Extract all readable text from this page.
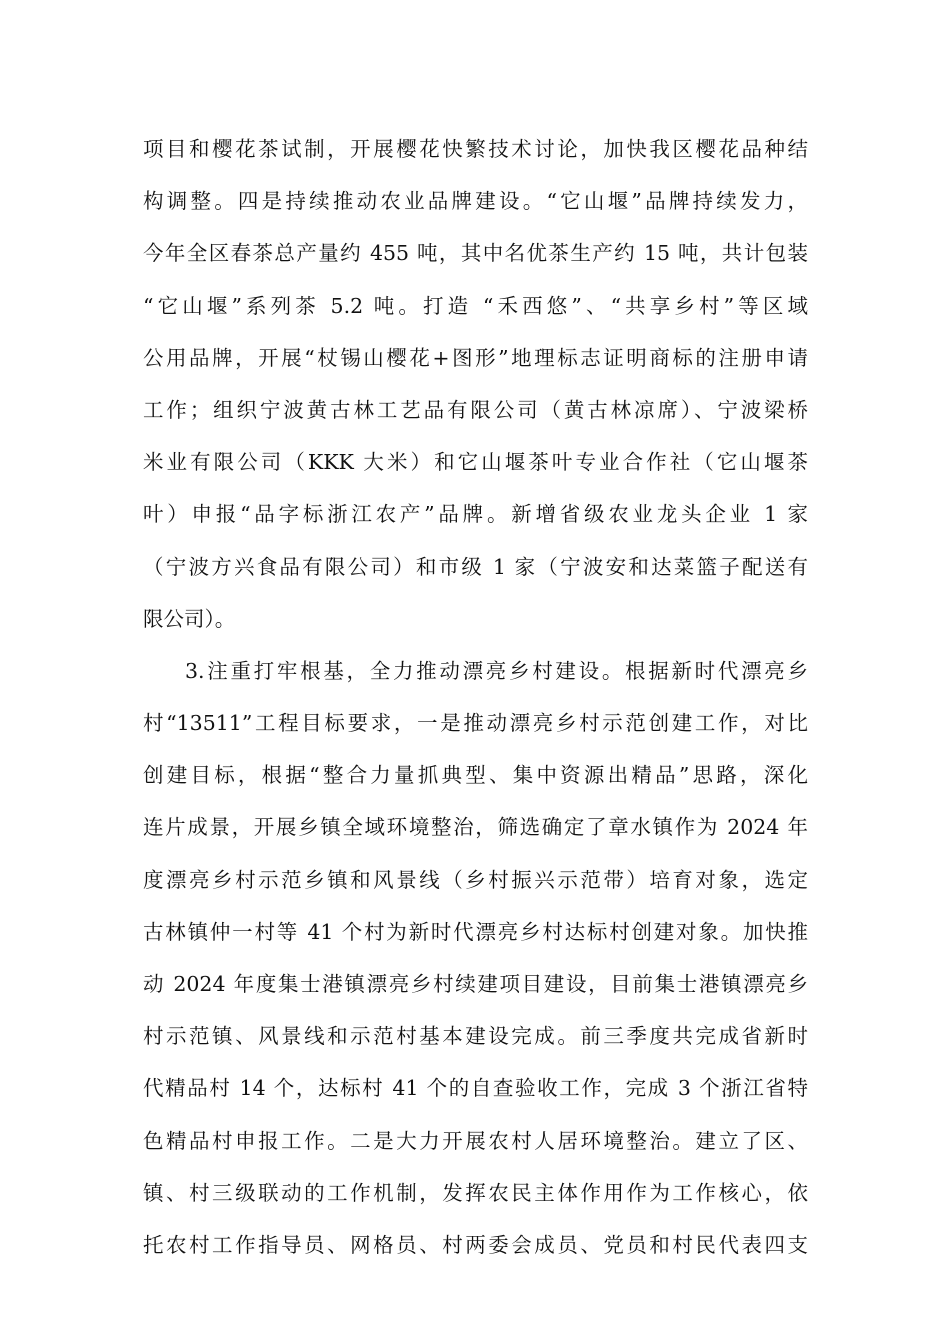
项目和樱花茶试制，开展樱花快繁技术讨论，加快我区樱花品种结
构调整。四是持续推动农业品牌建设。“它山堰”品牌持续发力，
今年全区春茶总产量约 455 吨，其中名优茶生产约 15 吨，共计包装
“它山堰”系列茶 5.2 吨。打造 “禾西悠”、“共享乡村”等区域
公用品牌，开展“杖锡山樱花+图形”地理标志证明商标的注册申请
工作；组织宁波黄古林工艺品有限公司（黄古林凉席）、宁波梁桥
米业有限公司（KKK 大米）和它山堰茶叶专业合作社（它山堰茶
叶）申报“品字标浙江农产”品牌。新增省级农业龙头企业 1 家
（宁波方兴食品有限公司）和市级 1 家（宁波安和达菜篮子配送有
限公司）。
3.注重打牢根基，全力推动漂亮乡村建设。根据新时代漂亮乡
村“13511”工程目标要求，一是推动漂亮乡村示范创建工作，对比
创建目标，根据“整合力量抓典型、集中资源出精品”思路，深化
连片成景，开展乡镇全域环境整治，筛选确定了章水镇作为 2024 年
度漂亮乡村示范乡镇和风景线（乡村振兴示范带）培育对象，选定
古林镇仲一村等 41 个村为新时代漂亮乡村达标村创建对象。加快推
动 2024 年度集士港镇漂亮乡村续建项目建设，目前集士港镇漂亮乡
村示范镇、风景线和示范村基本建设完成。前三季度共完成省新时
代精品村 14 个，达标村 41 个的自查验收工作，完成 3 个浙江省特
色精品村申报工作。二是大力开展农村人居环境整治。建立了区、
镇、村三级联动的工作机制，发挥农民主体作用作为工作核心，依
托农村工作指导员、网格员、村两委会成员、党员和村民代表四支
